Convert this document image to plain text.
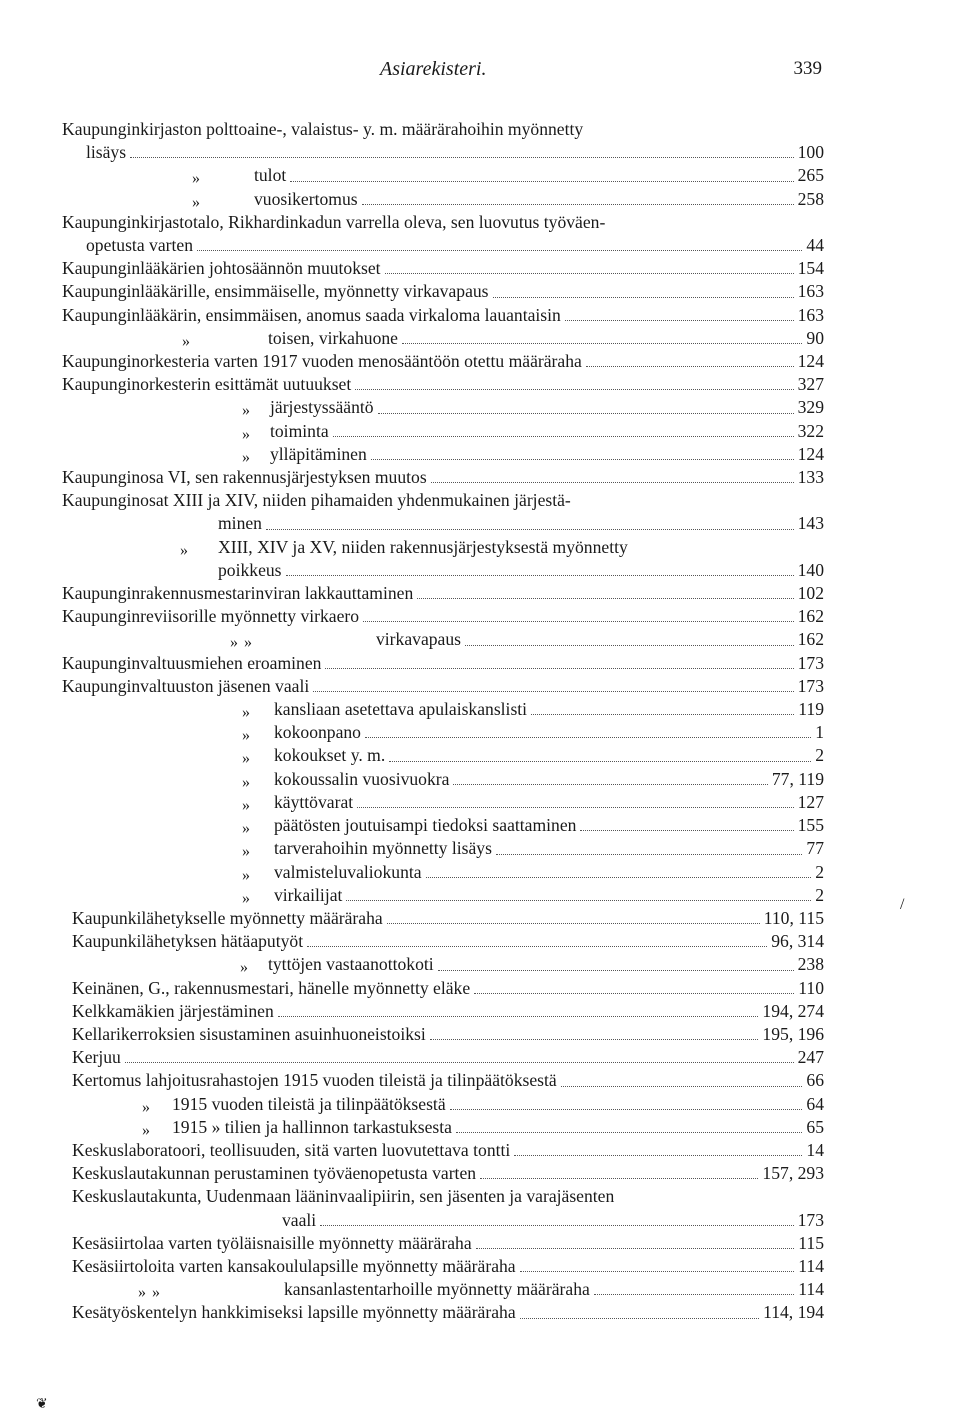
Asiarekisteri.	339
Kaupunginkirjaston polttoaine-, valaistus- y. m. määrärahoihin myönnetty
lisäys	100
»	tulot	265
»	vuosikertomus	258
Kaupunginkirjastotalo, Rikhardinkadun varrella oleva, sen luovutus työväen-
opetusta varten	44
Kaupunginlääkärien johtosäännön muutokset	154
Kaupunginlääkärille, ensimmäiselle, myönnetty virkavapaus	163
Kaupunginlääkärin, ensimmäisen, anomus saada virkaloma lauantaisin	163
»	toisen, virkahuone	90
Kaupunginorkesteria varten 1917 vuoden menosääntöön otettu määräraha	124
Kaupunginorkesterin esittämät uutuukset	327
» järjestyssääntö	329
» toiminta	322
» ylläpitäminen	124
Kaupunginosa VI, sen rakennusjärjestyksen muutos	133
Kaupunginosat XIII ja XIV, niiden pihamaiden yhdenmukainen järjestä-
minen	143
» XIII, XIV ja XV, niiden rakennusjärjestyksestä myönnetty
poikkeus	140
Kaupunginrakennusmestarinviran lakkauttaminen	102
Kaupunginreviisorille myönnetty virkaero	162
» »	virkavapaus	162
Kaupunginvaltuusmiehen eroaminen	173
Kaupunginvaltuuston jäsenen vaali	173
» kansliaan asetettava apulaiskanslisti	119
» kokoonpano	1
» kokoukset y. m.	2
» kokoussalin vuosivuokra	77, 119
» käyttövarat	127
» päätösten joutuisampi tiedoksi saattaminen	155
» tarverahoihin myönnetty lisäys	77
» valmisteluvaliokunta	2
» virkailijat	2
Kaupunkilähetykselle myönnetty määräraha	110, 115
Kaupunkilähetyksen hätäaputyöt	96, 314
» tyttöjen vastaanottokoti	238
Keinänen, G., rakennusmestari, hänelle myönnetty eläke	110
Kelkkamäkien järjestäminen	194, 274
Kellarikerroksien sisustaminen asuinhuoneistoiksi	195, 196
Kerjuu	247
Kertomus lahjoitusrahastojen 1915 vuoden tileistä ja tilinpäätöksestä	66
» 1915 vuoden tileistä ja tilinpäätöksestä	64
» 1915 » tilien ja hallinnon tarkastuksesta	65
Keskuslaboratoori, teollisuuden, sitä varten luovutettava tontti	14
Keskuslautakunnan perustaminen työväenopetusta varten	157, 293
Keskuslautakunta, Uudenmaan lääninvaalipiirin, sen jäsenten ja varajäsenten
vaali	173
Kesäsiirtolaa varten työläisnaisille myönnetty määräraha	115
Kesäsiirtoloita varten kansakoululapsille myönnetty määräraha	114
» »	kansanlastentarhoille myönnetty määräraha	114
Kesätyöskentelyn hankkimiseksi lapsille myönnetty määräraha	114, 194
/
❦
